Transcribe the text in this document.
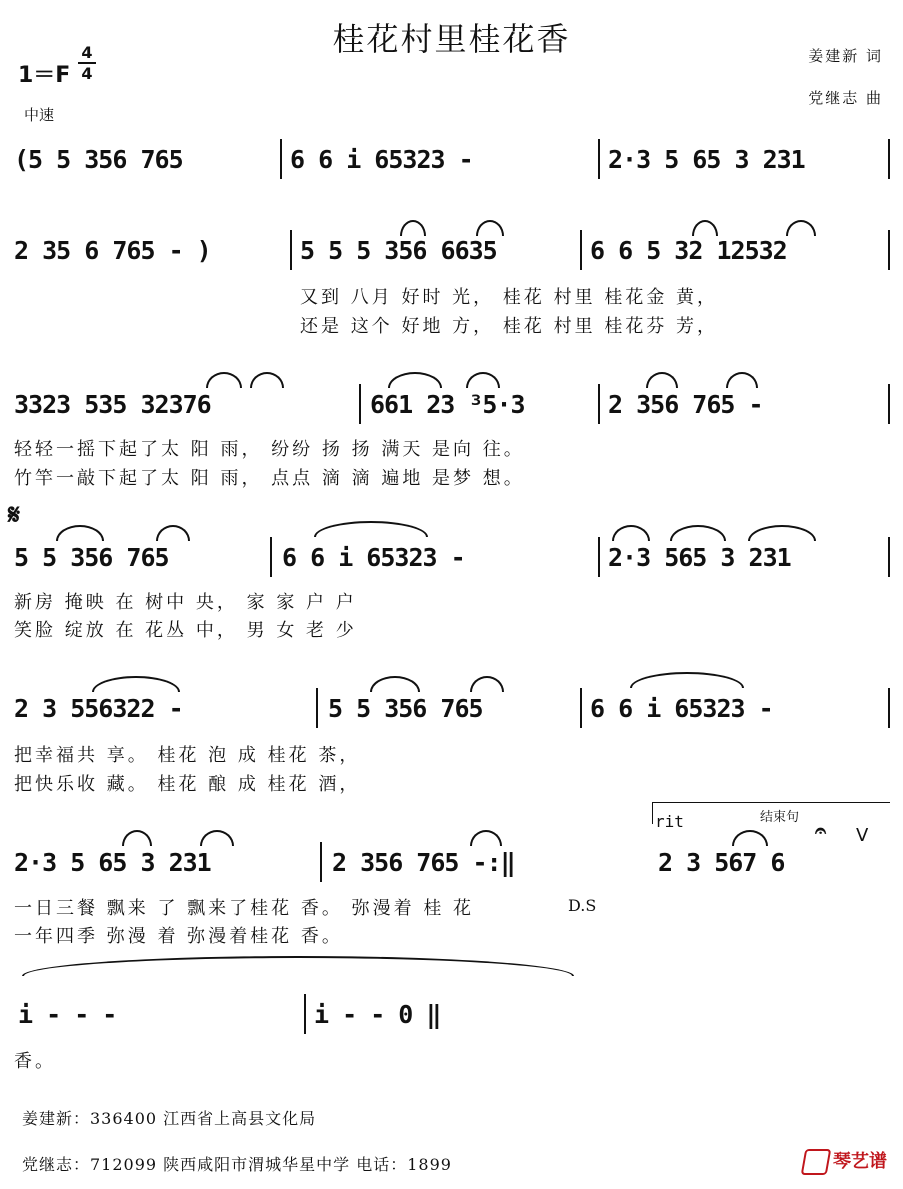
桂花村里桂花香	姜建新 词
党继志 曲
1＝F
4
4
中速
(5 5 356 765	6 6 i 65323 -	2·3 5 65 3 231
2 35 6 765 - )	5 5 5 356 6635	6 6 5 32 12532
又到 八月 好时 光， 桂花 村里 桂花金 黄，
还是 这个 好地 方， 桂花 村里 桂花芬 芳，
3323 535 32376	661 23 ³5·3	2 356 765 -
轻轻一摇下起了太 阳 雨， 纷纷 扬 扬 满天 是向 往。
竹竿一敲下起了太 阳 雨， 点点 滴 滴 遍地 是梦 想。
𝄋
5 5 356 765	6 6 i 65323 -	2·3 565 3 231
新房 掩映 在 树中 央， 家 家 户 户
笑脸 绽放 在 花丛 中， 男 女 老 少
2 3 556322 -	5 5 356 765	6 6 i 65323 -
把幸福共 享。 桂花 泡 成 桂花 茶，
把快乐收 藏。 桂花 酿 成 桂花 酒，
rit	结束句
𝄐 V
2·3 5 65 3 231	2 356 765 -:‖	2 3 567 6
D.S
一日三餐 飘来 了 飘来了桂花 香。 弥漫着 桂 花
一年四季 弥漫 着 弥漫着桂花 香。
i - - -	i - - 0 ‖
香。
姜建新：336400 江西省上高县文化局
党继志：712099 陕西咸阳市渭城华星中学 电话：1899	琴艺谱
